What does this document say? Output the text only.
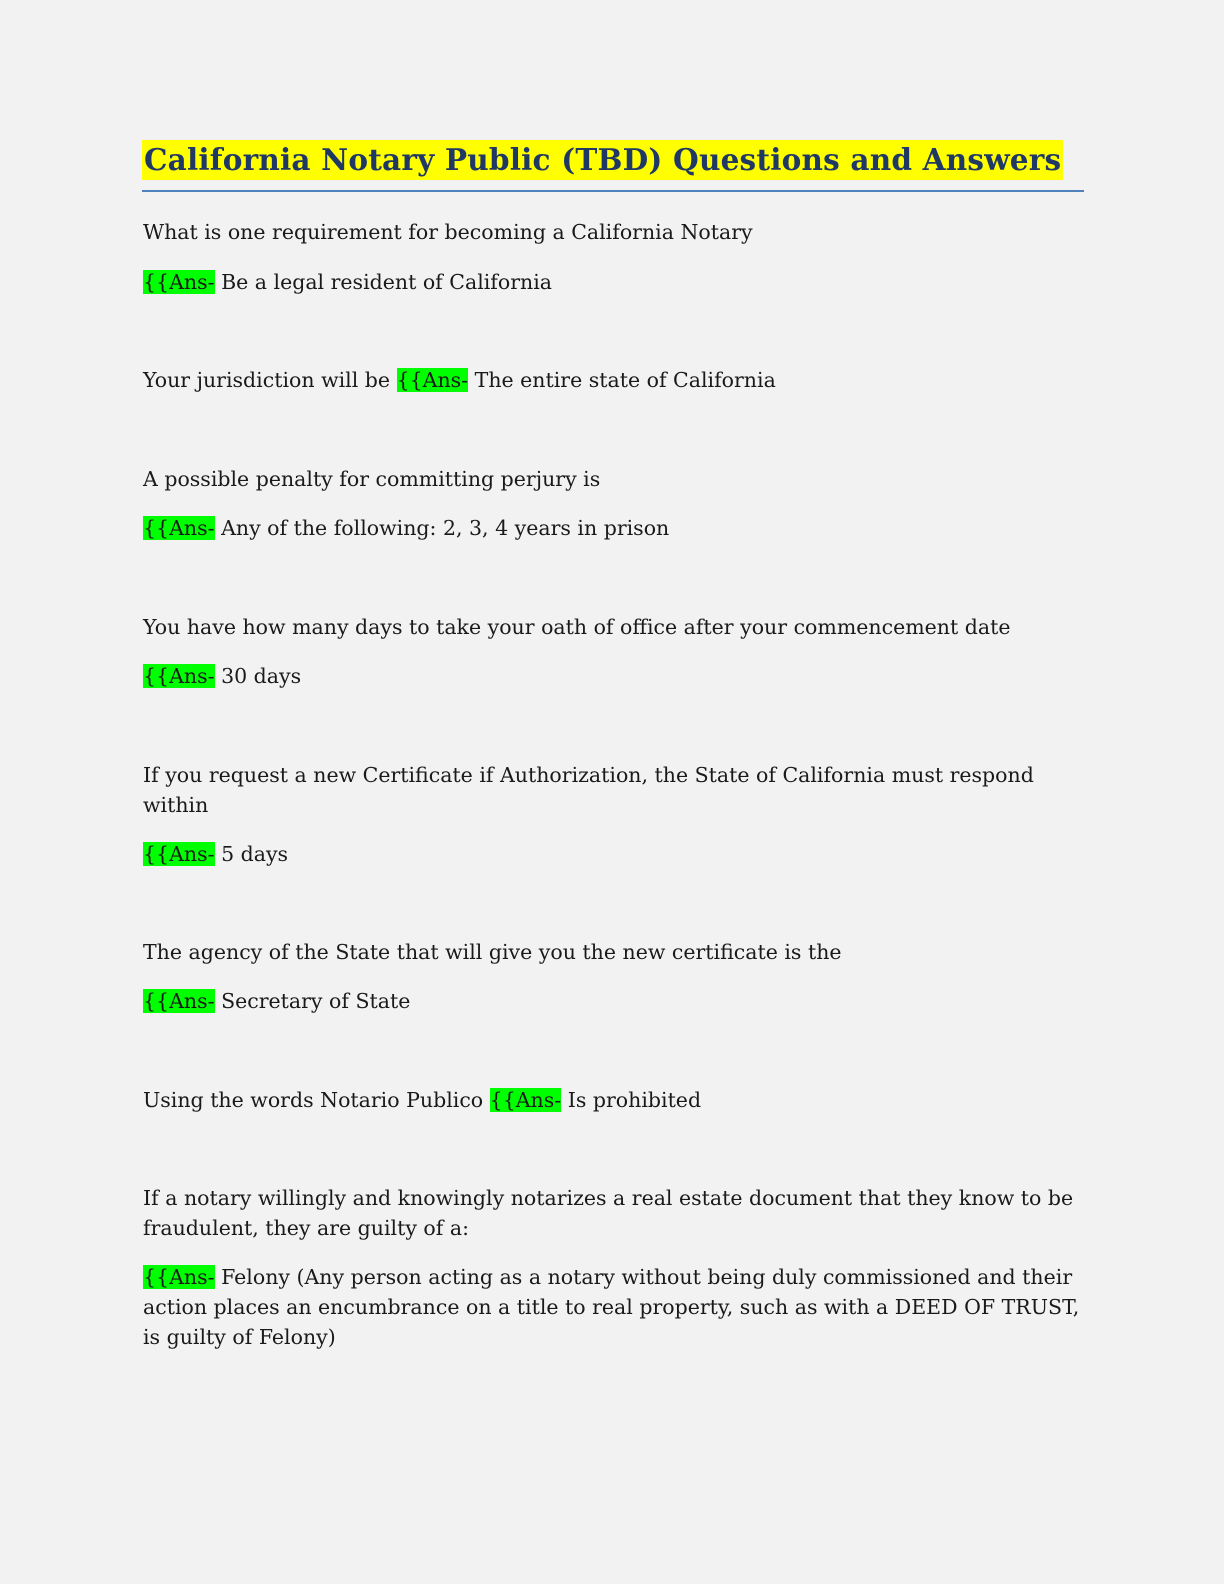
California Notary Public (TBD) Questions and Answers
What is one requirement for becoming a California Notary
{{Ans- Be a legal resident of California
Your jurisdiction will be {{Ans- The entire state of California
A possible penalty for committing perjury is
{{Ans- Any of the following: 2, 3, 4 years in prison
You have how many days to take your oath of office after your commencement date
{{Ans- 30 days
If you request a new Certificate if Authorization, the State of California must respond within
{{Ans- 5 days
The agency of the State that will give you the new certificate is the
{{Ans- Secretary of State
Using the words Notario Publico {{Ans- Is prohibited
If a notary willingly and knowingly notarizes a real estate document that they know to be fraudulent, they are guilty of a:
{{Ans- Felony (Any person acting as a notary without being duly commissioned and their action places an encumbrance on a title to real property, such as with a DEED OF TRUST, is guilty of Felony)
